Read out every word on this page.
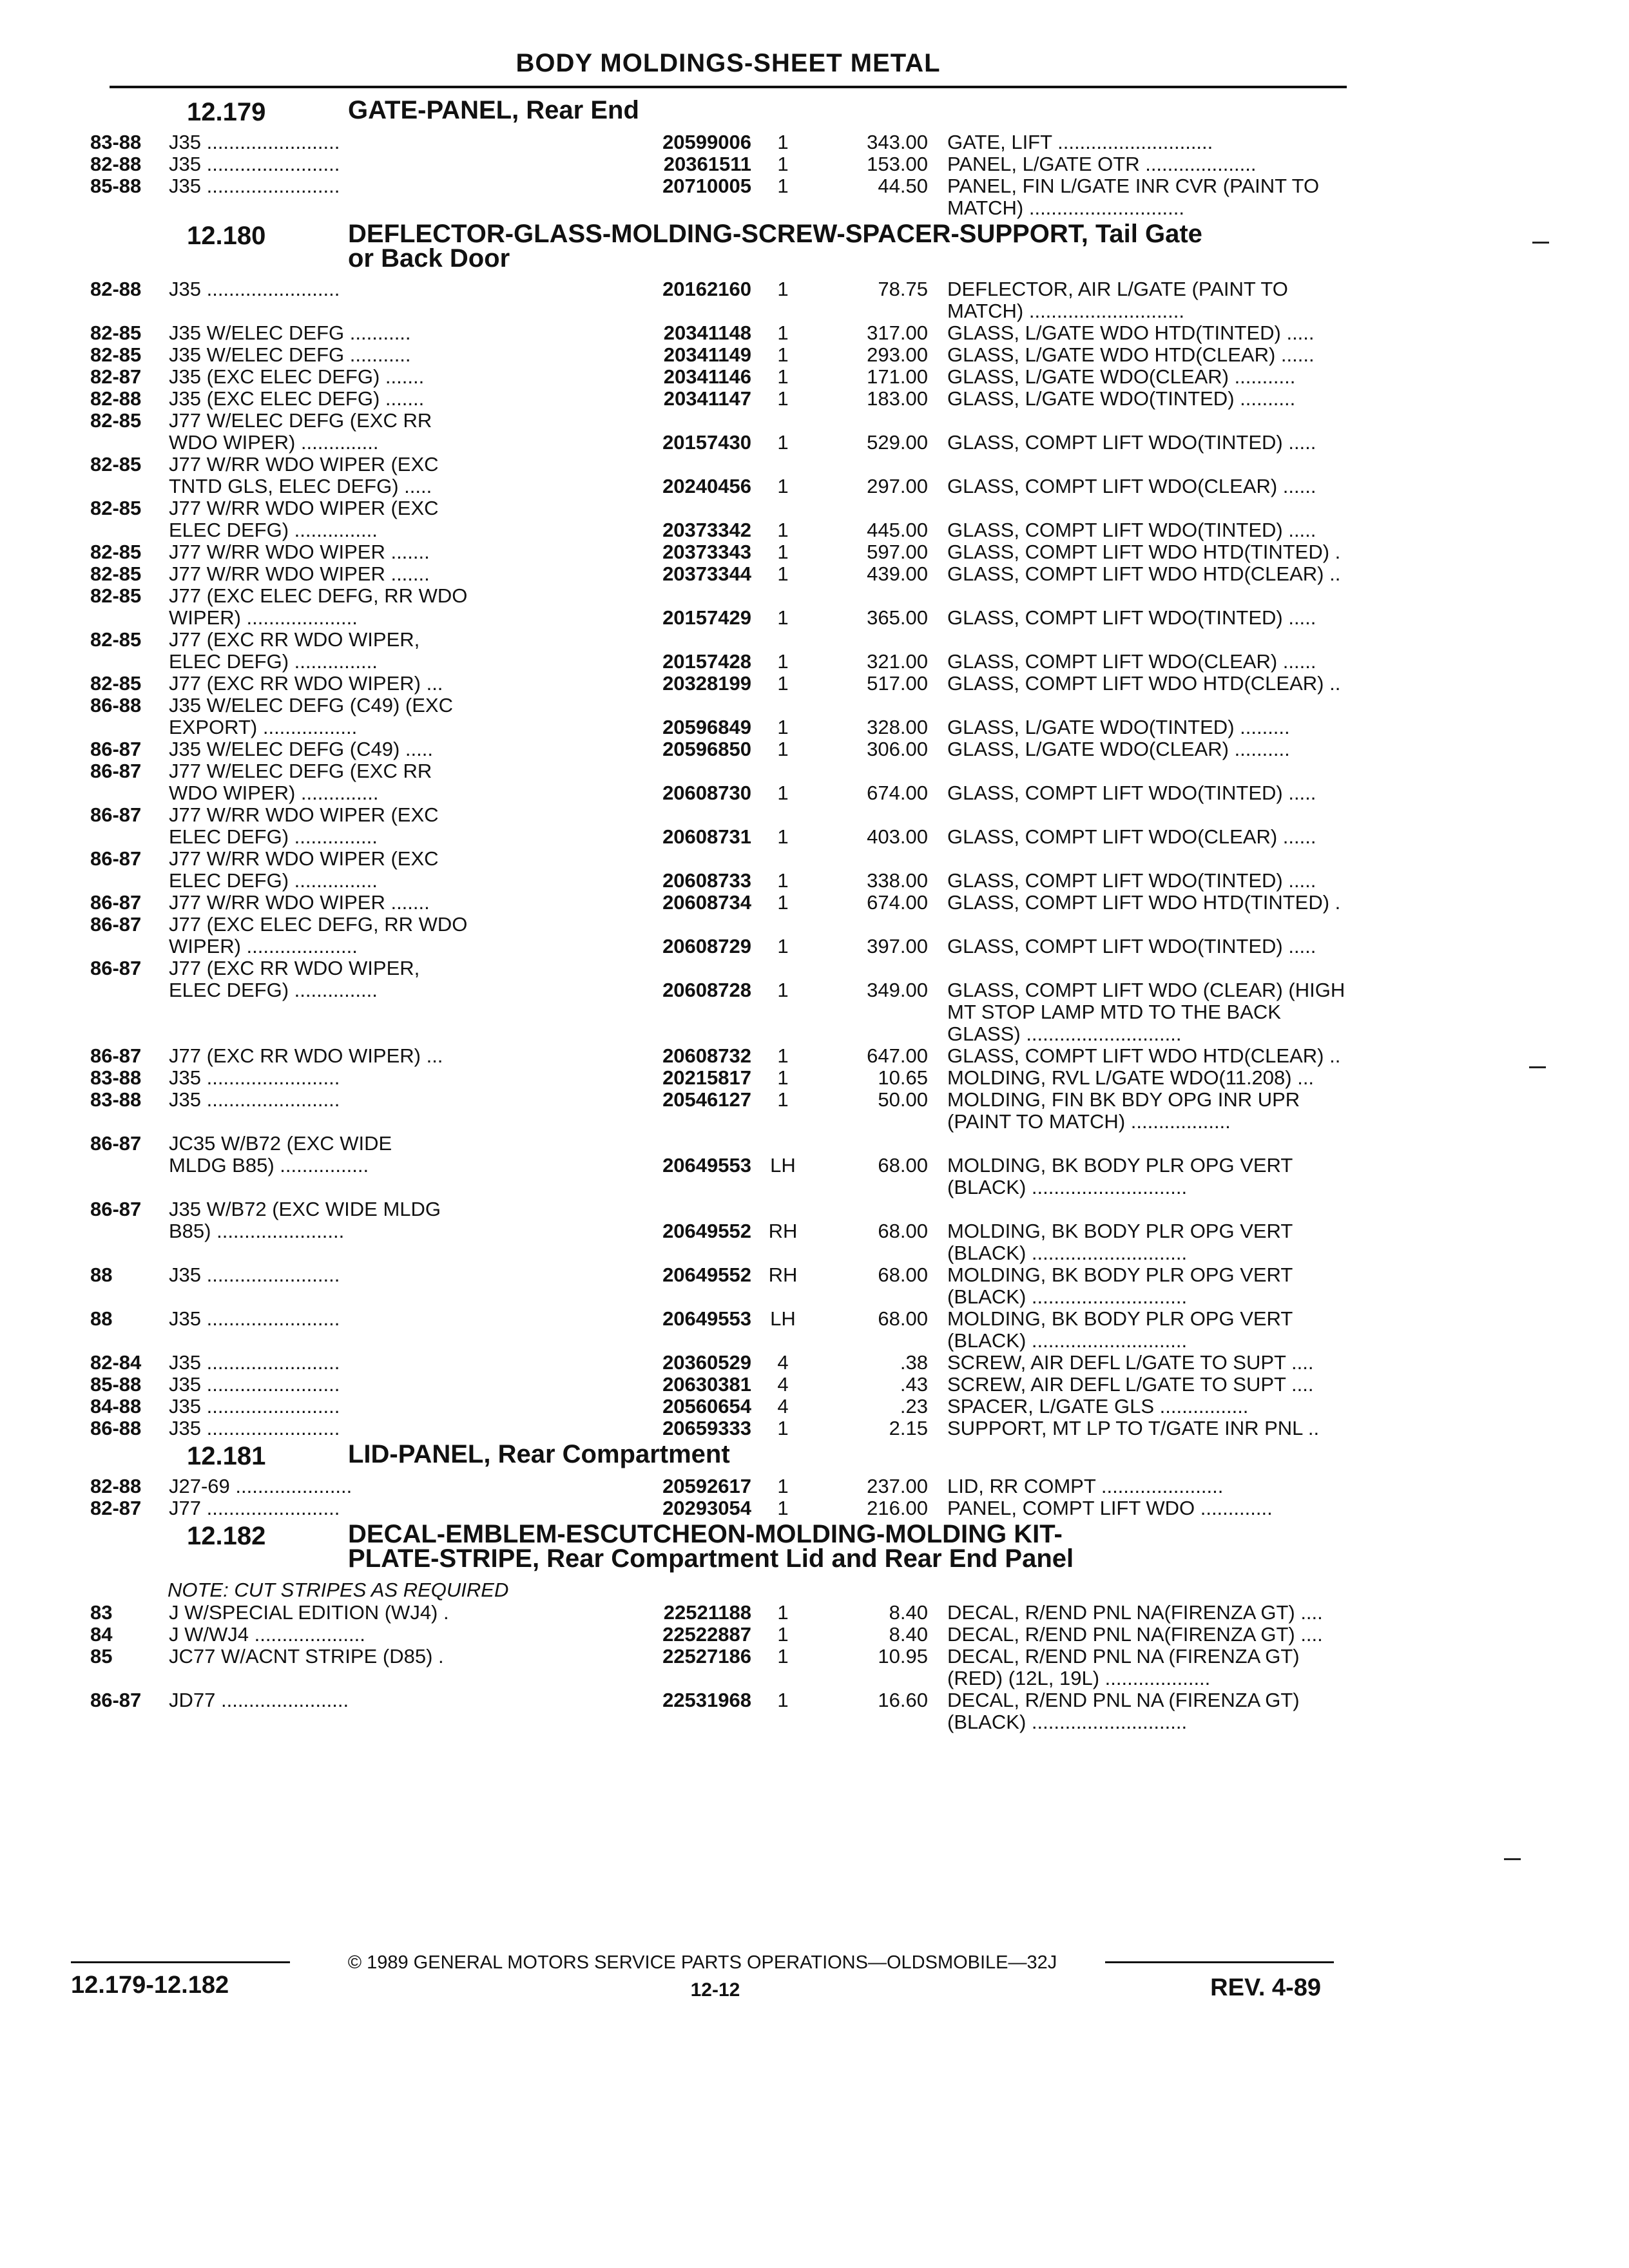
BODY MOLDINGS-SHEET METAL
12.179	GATE-PANEL, Rear End
83-88	J35 ........................	20599006	1	343.00 GATE, LIFT ............................
82-88	J35 ........................	20361511	1	153.00 PANEL, L/GATE OTR ....................
85-88	J35 ........................	20710005	1	44.50 PANEL, FIN L/GATE INR CVR (PAINT TO
MATCH) ............................
12.180	DEFLECTOR-GLASS-MOLDING-SCREW-SPACER-SUPPORT, Tail Gate
or Back Door
82-88	J35 ........................	20162160	1	78.75 DEFLECTOR, AIR L/GATE (PAINT TO
MATCH) ............................
82-85	J35 W/ELEC DEFG ...........	20341148	1	317.00 GLASS, L/GATE WDO HTD(TINTED) .....
82-85	J35 W/ELEC DEFG ...........	20341149	1	293.00 GLASS, L/GATE WDO HTD(CLEAR) ......
82-87	J35 (EXC ELEC DEFG) .......	20341146	1	171.00 GLASS, L/GATE WDO(CLEAR) ...........
82-88	J35 (EXC ELEC DEFG) .......	20341147	1	183.00 GLASS, L/GATE WDO(TINTED) ..........
82-85	J77 W/ELEC DEFG (EXC RR
WDO WIPER) ..............	20157430	1	529.00 GLASS, COMPT LIFT WDO(TINTED) .....
82-85	J77 W/RR WDO WIPER (EXC
TNTD GLS, ELEC DEFG) .....	20240456	1	297.00 GLASS, COMPT LIFT WDO(CLEAR) ......
82-85	J77 W/RR WDO WIPER (EXC
ELEC DEFG) ...............	20373342	1	445.00 GLASS, COMPT LIFT WDO(TINTED) .....
82-85	J77 W/RR WDO WIPER .......	20373343	1	597.00 GLASS, COMPT LIFT WDO HTD(TINTED) .
82-85	J77 W/RR WDO WIPER .......	20373344	1	439.00 GLASS, COMPT LIFT WDO HTD(CLEAR) ..
82-85	J77 (EXC ELEC DEFG, RR WDO
WIPER) ....................	20157429	1	365.00 GLASS, COMPT LIFT WDO(TINTED) .....
82-85	J77 (EXC RR WDO WIPER,
ELEC DEFG) ...............	20157428	1	321.00 GLASS, COMPT LIFT WDO(CLEAR) ......
82-85	J77 (EXC RR WDO WIPER) ...	20328199	1	517.00 GLASS, COMPT LIFT WDO HTD(CLEAR) ..
86-88	J35 W/ELEC DEFG (C49) (EXC
EXPORT) .................	20596849	1	328.00 GLASS, L/GATE WDO(TINTED) .........
86-87	J35 W/ELEC DEFG (C49) .....	20596850	1	306.00 GLASS, L/GATE WDO(CLEAR) ..........
86-87	J77 W/ELEC DEFG (EXC RR
WDO WIPER) ..............	20608730	1	674.00 GLASS, COMPT LIFT WDO(TINTED) .....
86-87	J77 W/RR WDO WIPER (EXC
ELEC DEFG) ...............	20608731	1	403.00 GLASS, COMPT LIFT WDO(CLEAR) ......
86-87	J77 W/RR WDO WIPER (EXC
ELEC DEFG) ...............	20608733	1	338.00 GLASS, COMPT LIFT WDO(TINTED) .....
86-87	J77 W/RR WDO WIPER .......	20608734	1	674.00 GLASS, COMPT LIFT WDO HTD(TINTED) .
86-87	J77 (EXC ELEC DEFG, RR WDO
WIPER) ....................	20608729	1	397.00 GLASS, COMPT LIFT WDO(TINTED) .....
86-87	J77 (EXC RR WDO WIPER,
ELEC DEFG) ...............	20608728	1	349.00 GLASS, COMPT LIFT WDO (CLEAR) (HIGH
MT STOP LAMP MTD TO THE BACK
GLASS) ............................
86-87	J77 (EXC RR WDO WIPER) ...	20608732	1	647.00 GLASS, COMPT LIFT WDO HTD(CLEAR) ..
83-88	J35 ........................	20215817	1	10.65 MOLDING, RVL L/GATE WDO(11.208) ...
83-88	J35 ........................	20546127	1	50.00 MOLDING, FIN BK BDY OPG INR UPR
(PAINT TO MATCH) ..................
86-87	JC35 W/B72 (EXC WIDE
MLDG B85) ................	20649553 LH	68.00 MOLDING, BK BODY PLR OPG VERT
(BLACK) ............................
86-87	J35 W/B72 (EXC WIDE MLDG
B85) .......................	20649552 RH	68.00 MOLDING, BK BODY PLR OPG VERT
(BLACK) ............................
88	J35 ........................	20649552 RH	68.00 MOLDING, BK BODY PLR OPG VERT
(BLACK) ............................
88	J35 ........................	20649553 LH	68.00 MOLDING, BK BODY PLR OPG VERT
(BLACK) ............................
82-84	J35 ........................	20360529	4	.38 SCREW, AIR DEFL L/GATE TO SUPT ....
85-88	J35 ........................	20630381	4	.43 SCREW, AIR DEFL L/GATE TO SUPT ....
84-88	J35 ........................	20560654	4	.23 SPACER, L/GATE GLS ................
86-88	J35 ........................	20659333	1	2.15 SUPPORT, MT LP TO T/GATE INR PNL ..
12.181	LID-PANEL, Rear Compartment
82-88	J27-69 .....................	20592617	1	237.00 LID, RR COMPT ......................
82-87	J77 ........................	20293054	1	216.00 PANEL, COMPT LIFT WDO .............
12.182	DECAL-EMBLEM-ESCUTCHEON-MOLDING-MOLDING KIT-
PLATE-STRIPE, Rear Compartment Lid and Rear End Panel
NOTE: CUT STRIPES AS REQUIRED
83	J W/SPECIAL EDITION (WJ4) .	22521188	1	8.40 DECAL, R/END PNL NA(FIRENZA GT) ....
84	J W/WJ4 ....................	22522887	1	8.40 DECAL, R/END PNL NA(FIRENZA GT) ....
85	JC77 W/ACNT STRIPE (D85) .	22527186	1	10.95 DECAL, R/END PNL NA (FIRENZA GT)
(RED) (12L, 19L) ...................
86-87	JD77 .......................	22531968	1	16.60 DECAL, R/END PNL NA (FIRENZA GT)
(BLACK) ............................
© 1989 GENERAL MOTORS SERVICE PARTS OPERATIONS—OLDSMOBILE—32J
12.179-12.182	12-12	REV. 4-89
